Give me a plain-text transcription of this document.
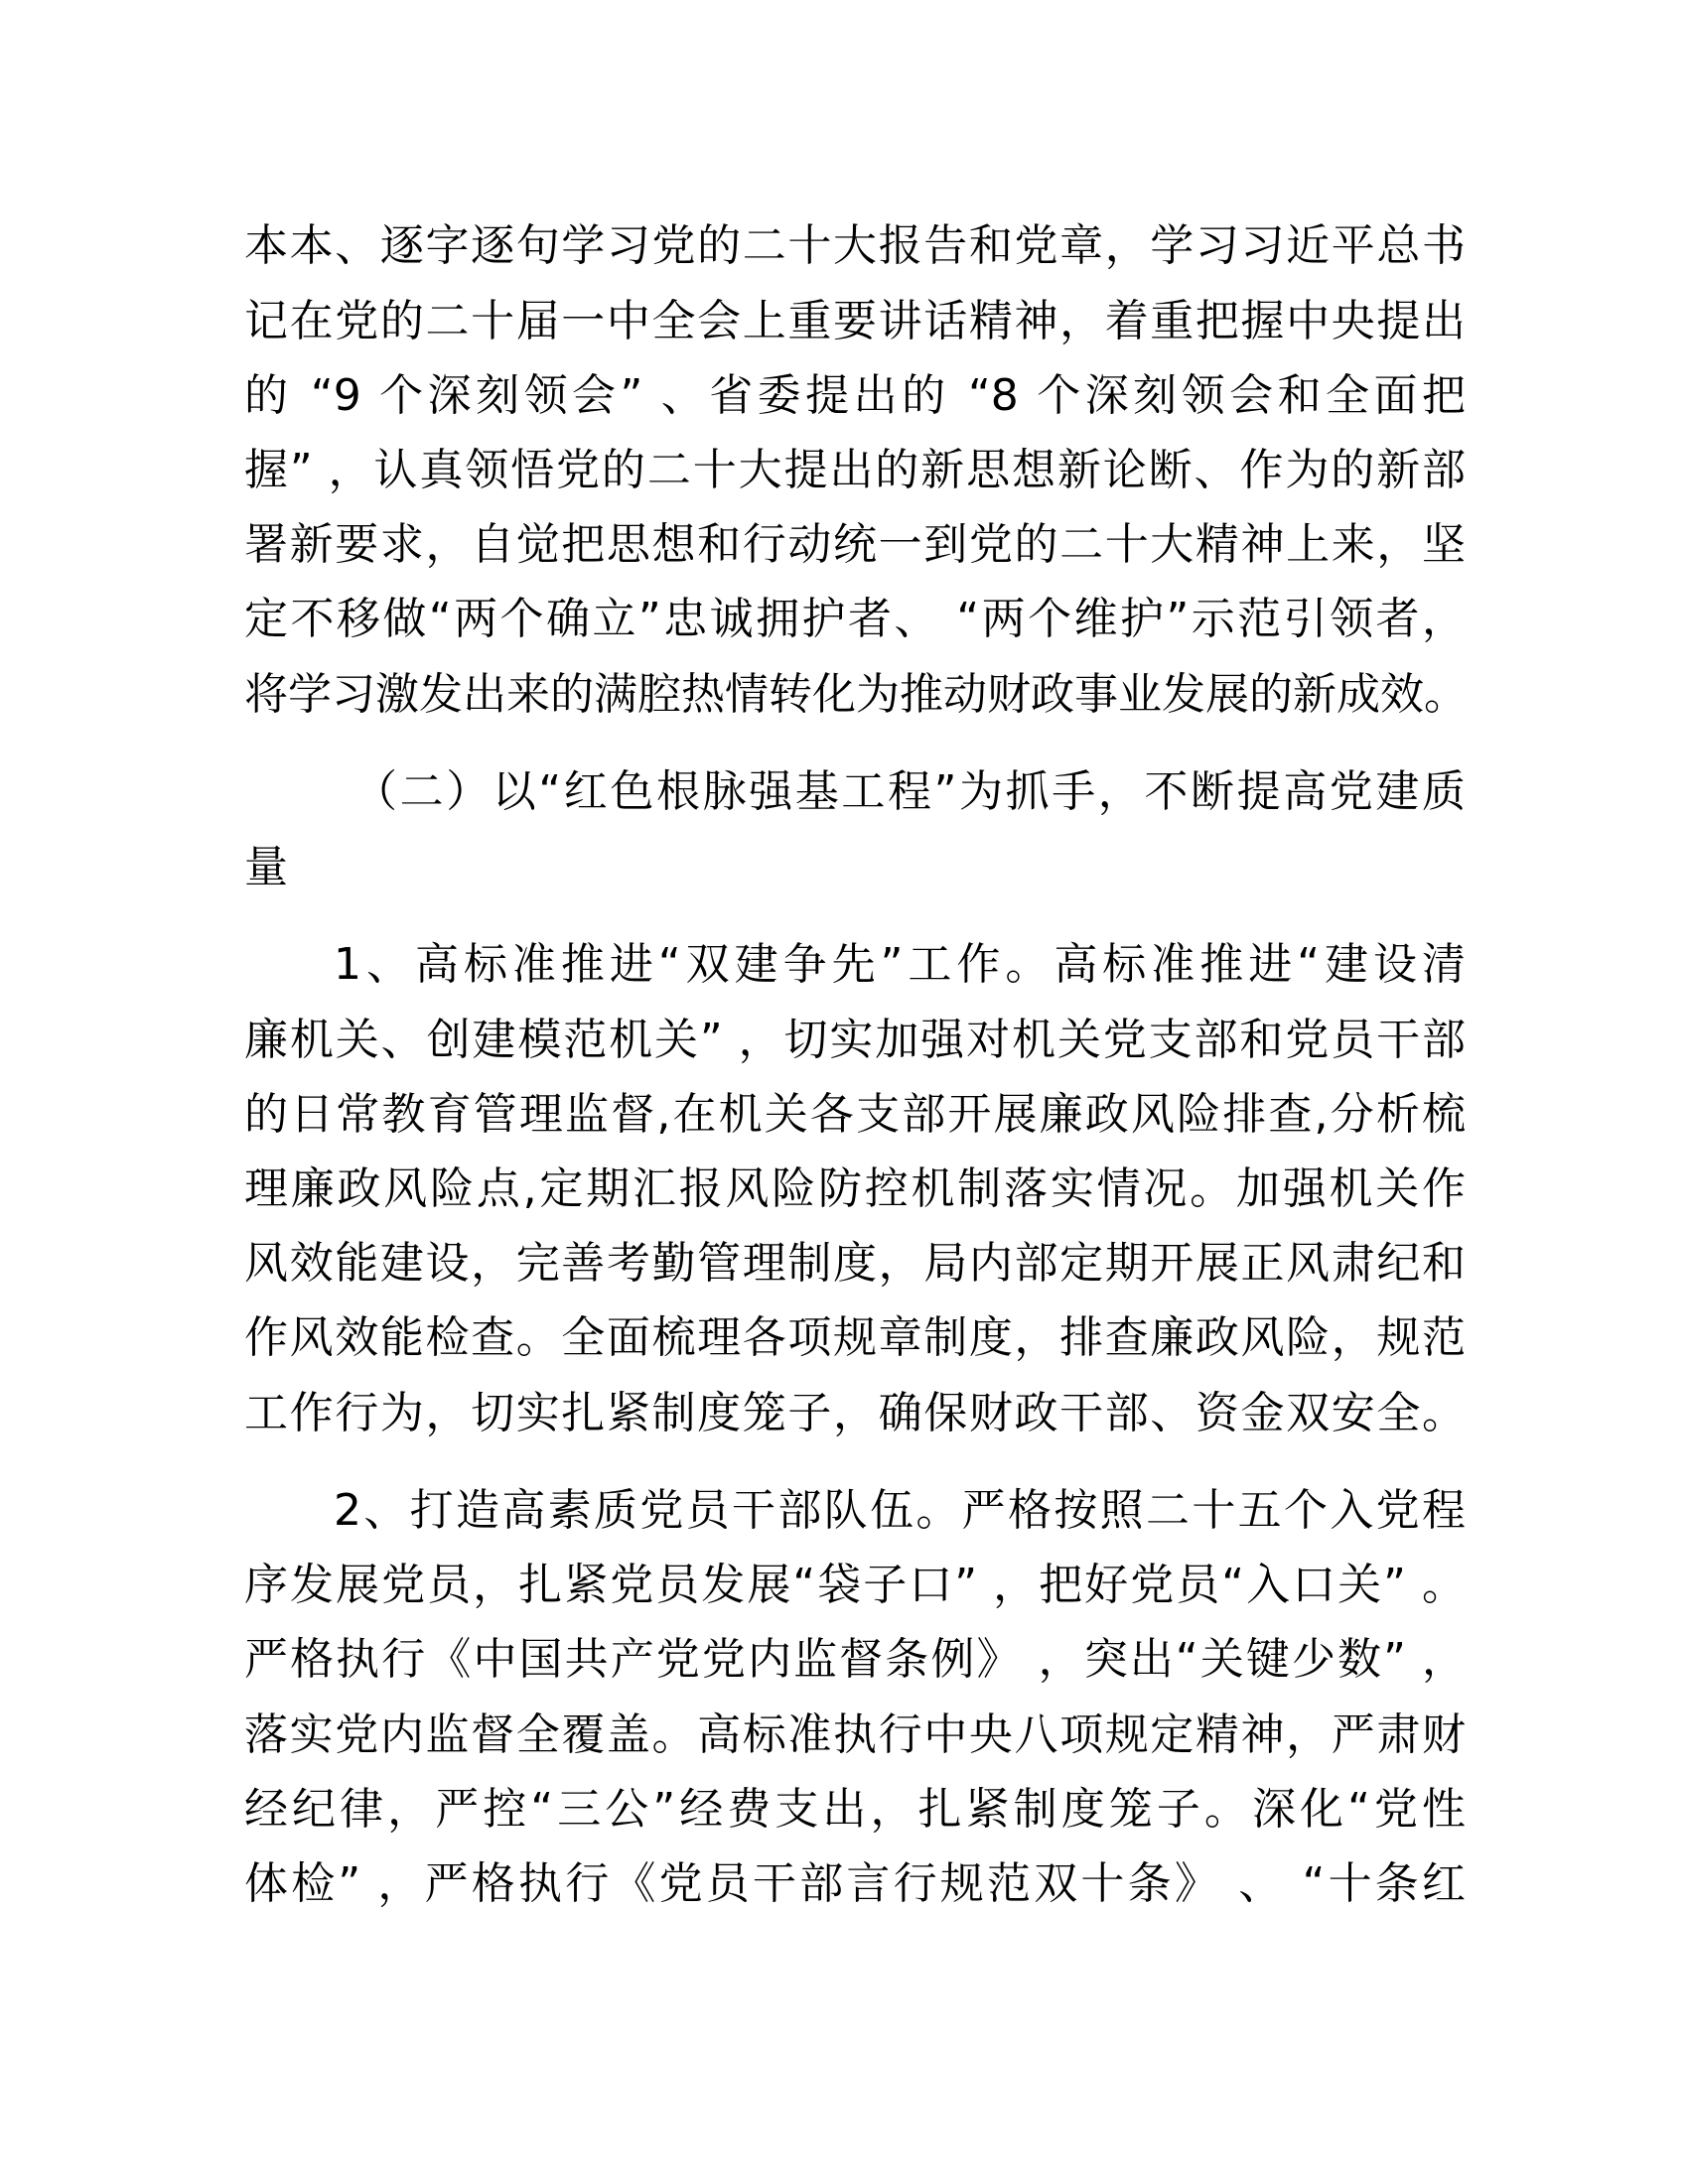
本本、逐字逐句学习党的二十大报告和党章，学习习近平总书
记在党的二十届一中全会上重要讲话精神，着重把握中央提出
的 “9 个深刻领会” 、省委提出的 “8 个深刻领会和全面把
握” ，认真领悟党的二十大提出的新思想新论断、作为的新部
署新要求，自觉把思想和行动统一到党的二十大精神上来，坚
定不移做“两个确立”忠诚拥护者、 “两个维护”示范引领者，
将学习激发出来的满腔热情转化为推动财政事业发展的新成效。
（二）以“红色根脉强基工程”为抓手，不断提高党建质
量
1、高标准推进“双建争先”工作。高标准推进“建设清
廉机关、创建模范机关” ，切实加强对机关党支部和党员干部
的日常教育管理监督,在机关各支部开展廉政风险排查,分析梳
理廉政风险点,定期汇报风险防控机制落实情况。加强机关作
风效能建设，完善考勤管理制度，局内部定期开展正风肃纪和
作风效能检查。全面梳理各项规章制度，排查廉政风险，规范
工作行为，切实扎紧制度笼子，确保财政干部、资金双安全。
2、打造高素质党员干部队伍。严格按照二十五个入党程
序发展党员，扎紧党员发展“袋子口” ，把好党员“入口关” 。
严格执行《中国共产党党内监督条例》 ，突出“关键少数” ，
落实党内监督全覆盖。高标准执行中央八项规定精神，严肃财
经纪律，严控“三公”经费支出，扎紧制度笼子。深化“党性
体检” ，严格执行《党员干部言行规范双十条》 、 “十条红
